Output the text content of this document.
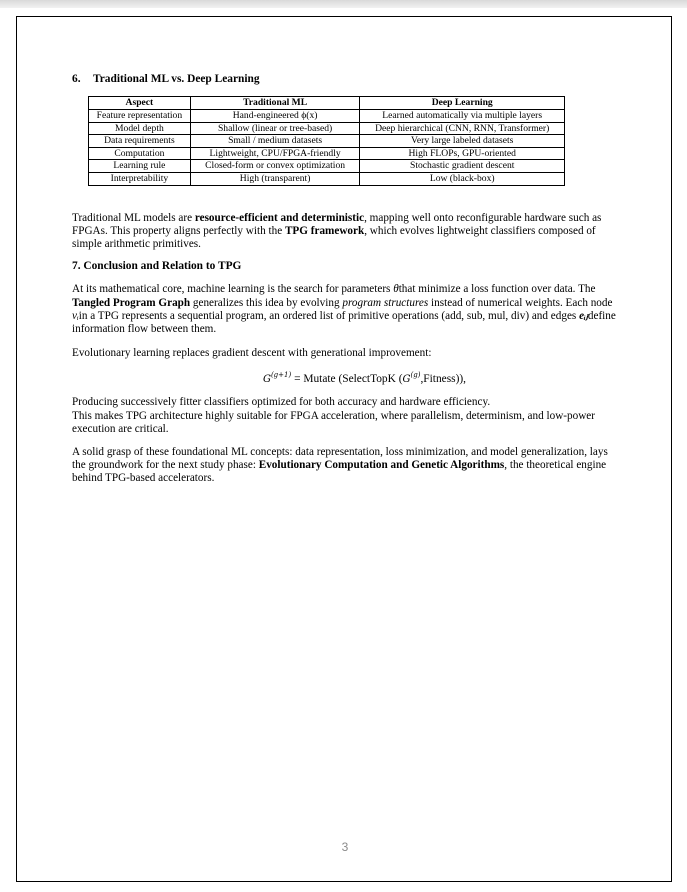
6. Traditional ML vs. Deep Learning
Aspect	Traditional ML	Deep Learning
Feature representation	Hand-engineered ϕ(x)	Learned automatically via multiple layers
Model depth	Shallow (linear or tree-based)	Deep hierarchical (CNN, RNN, Transformer)
Data requirements	Small / medium datasets	Very large labeled datasets
Computation	Lightweight, CPU/FPGA-friendly	High FLOPs, GPU-oriented
Learning rule	Closed-form or convex optimization	Stochastic gradient descent
Interpretability	High (transparent)	Low (black-box)

Traditional ML models are resource-efficient and deterministic, mapping well onto reconfigurable hardware such as FPGAs. This property aligns perfectly with the TPG framework, which evolves lightweight classifiers composed of simple arithmetic primitives.

7. Conclusion and Relation to TPG

At its mathematical core, machine learning is the search for parameters θthat minimize a loss function over data. The Tangled Program Graph generalizes this idea by evolving program structures instead of numerical weights. Each node vᵢin a TPG represents a sequential program, an ordered list of primitive operations (add, sub, mul, div) and edges eᵢⱼdefine information flow between them.

Evolutionary learning replaces gradient descent with generational improvement:

$G^{(g+1)}$ = Mutate (SelectTopK $(G^{(g)},Fitness)$),

Producing successively fitter classifiers optimized for both accuracy and hardware efficiency.
This makes TPG architecture highly suitable for FPGA acceleration, where parallelism, determinism, and low-power execution are critical.

A solid grasp of these foundational ML concepts: data representation, loss minimization, and model generalization, lays the groundwork for the next study phase: Evolutionary Computation and Genetic Algorithms, the theoretical engine behind TPG-based accelerators.

3
